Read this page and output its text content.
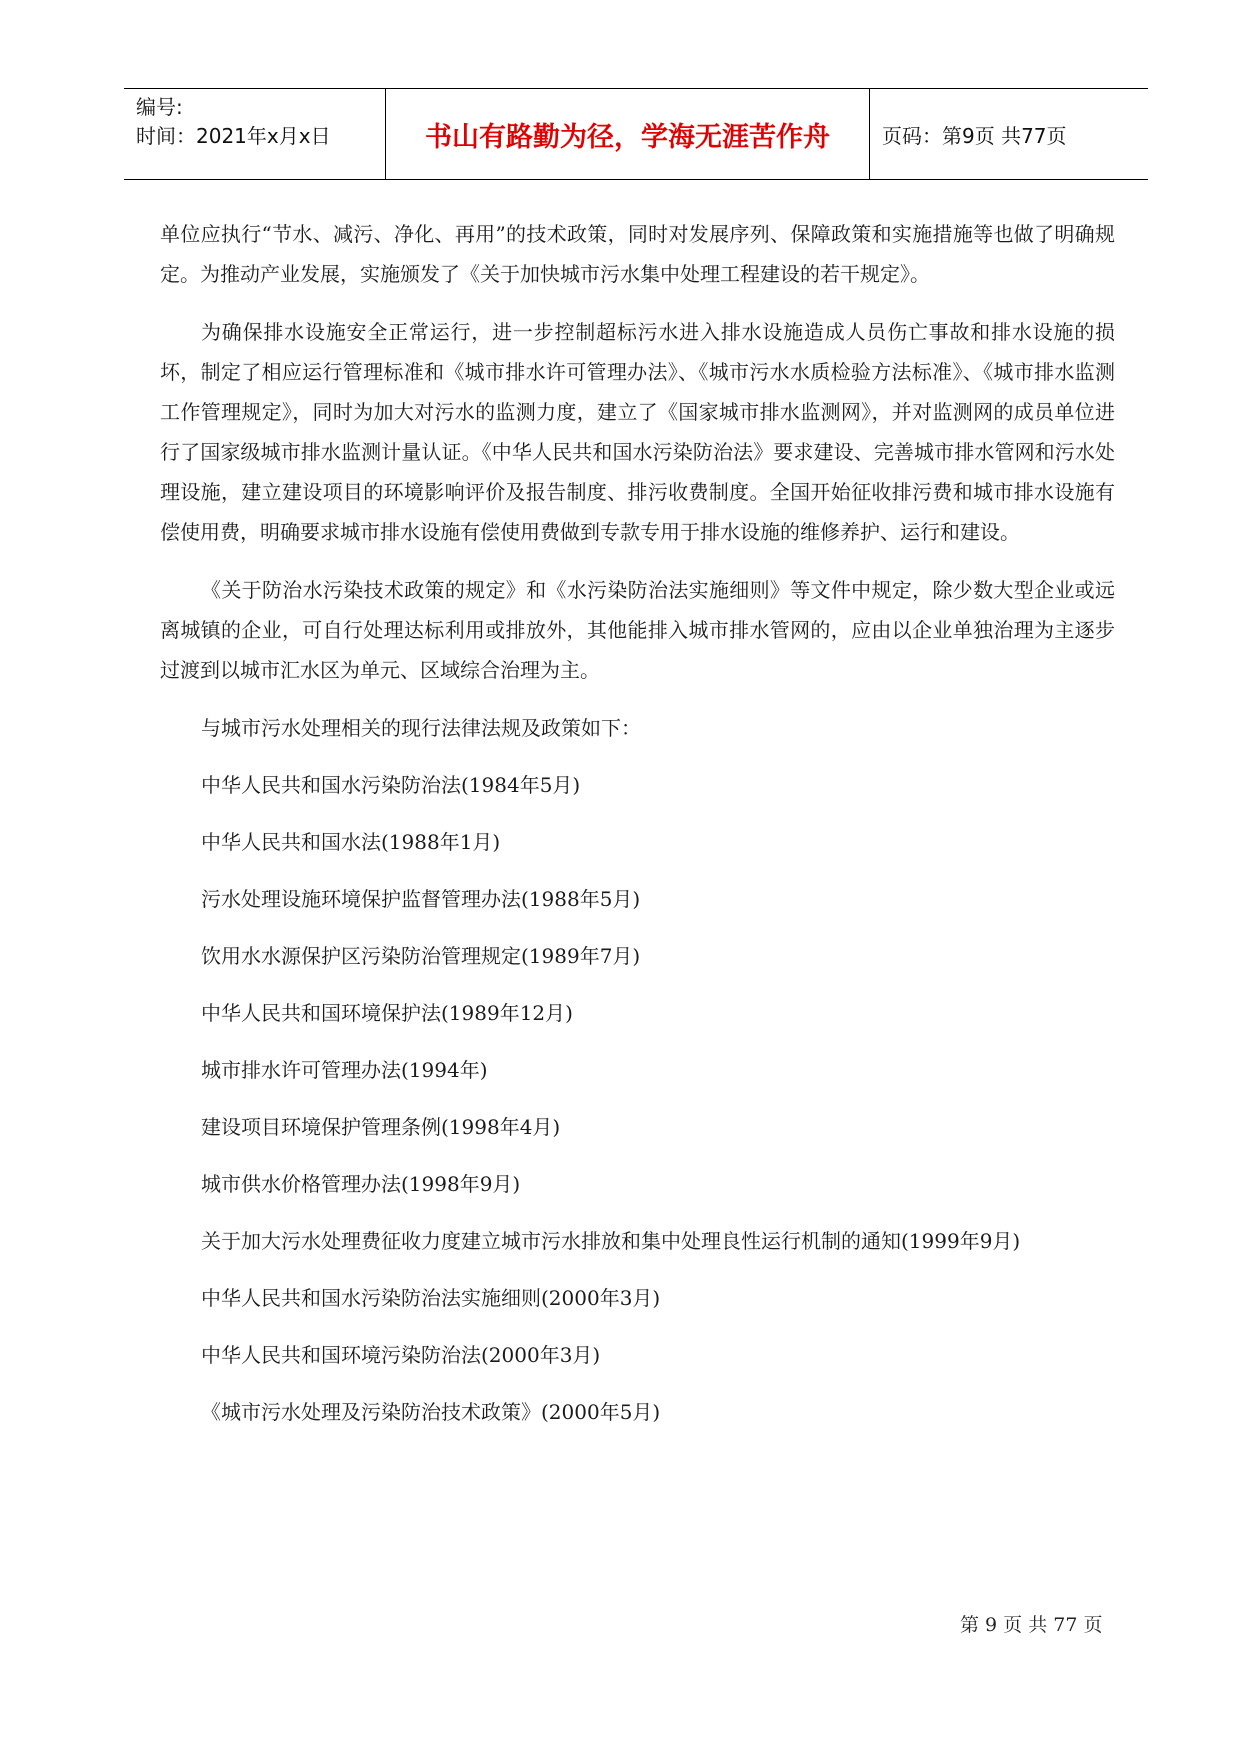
编号:
时间：2021年x月x日	书山有路勤为径，学海无涯苦作舟	页码：第9页 共77页

单位应执行“节水、减污、净化、再用”的技术政策，同时对发展序列、保障政策和实施措施等也做了明确规定。为推动产业发展，实施颁发了《关于加快城市污水集中处理工程建设的若干规定》。

为确保排水设施安全正常运行，进一步控制超标污水进入排水设施造成人员伤亡事故和排水设施的损坏，制定了相应运行管理标准和《城市排水许可管理办法》、《城市污水水质检验方法标准》、《城市排水监测工作管理规定》，同时为加大对污水的监测力度，建立了《国家城市排水监测网》，并对监测网的成员单位进行了国家级城市排水监测计量认证。《中华人民共和国水污染防治法》要求建设、完善城市排水管网和污水处理设施，建立建设项目的环境影响评价及报告制度、排污收费制度。全国开始征收排污费和城市排水设施有偿使用费，明确要求城市排水设施有偿使用费做到专款专用于排水设施的维修养护、运行和建设。

《关于防治水污染技术政策的规定》和《水污染防治法实施细则》等文件中规定，除少数大型企业或远离城镇的企业，可自行处理达标利用或排放外，其他能排入城市排水管网的，应由以企业单独治理为主逐步过渡到以城市汇水区为单元、区域综合治理为主。

与城市污水处理相关的现行法律法规及政策如下：
中华人民共和国水污染防治法(1984年5月)
中华人民共和国水法(1988年1月)
污水处理设施环境保护监督管理办法(1988年5月)
饮用水水源保护区污染防治管理规定(1989年7月)
中华人民共和国环境保护法(1989年12月)
城市排水许可管理办法(1994年)
建设项目环境保护管理条例(1998年4月)
城市供水价格管理办法(1998年9月)
关于加大污水处理费征收力度建立城市污水排放和集中处理良性运行机制的通知(1999年9月)
中华人民共和国水污染防治法实施细则(2000年3月)
中华人民共和国环境污染防治法(2000年3月)
《城市污水处理及污染防治技术政策》(2000年5月)
第 9 页 共 77 页
